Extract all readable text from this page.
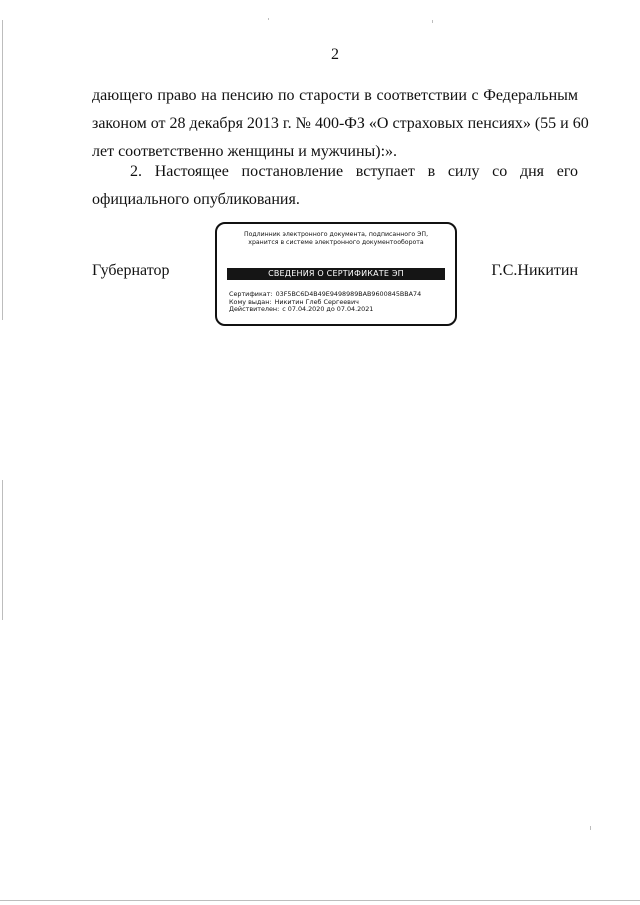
2
дающего право на пенсию по старости в соответствии с Федеральным
законом от 28 декабря 2013 г. № 400-ФЗ «О страховых пенсиях» (55 и 60
лет соответственно женщины и мужчины):».
2. Настоящее постановление вступает в силу со дня его
официального опубликования.
Губернатор	Г.С.Никитин
Подлинник электронного документа, подписанного ЭП,
хранится в системе электронного документооборота
СВЕДЕНИЯ О СЕРТИФИКАТЕ ЭП
Сертификат: 03F5BC6D4B49E9498989BAB9600845BBA74
Кому выдан: Никитин Глеб Сергеевич
Действителен: с 07.04.2020 до 07.04.2021
